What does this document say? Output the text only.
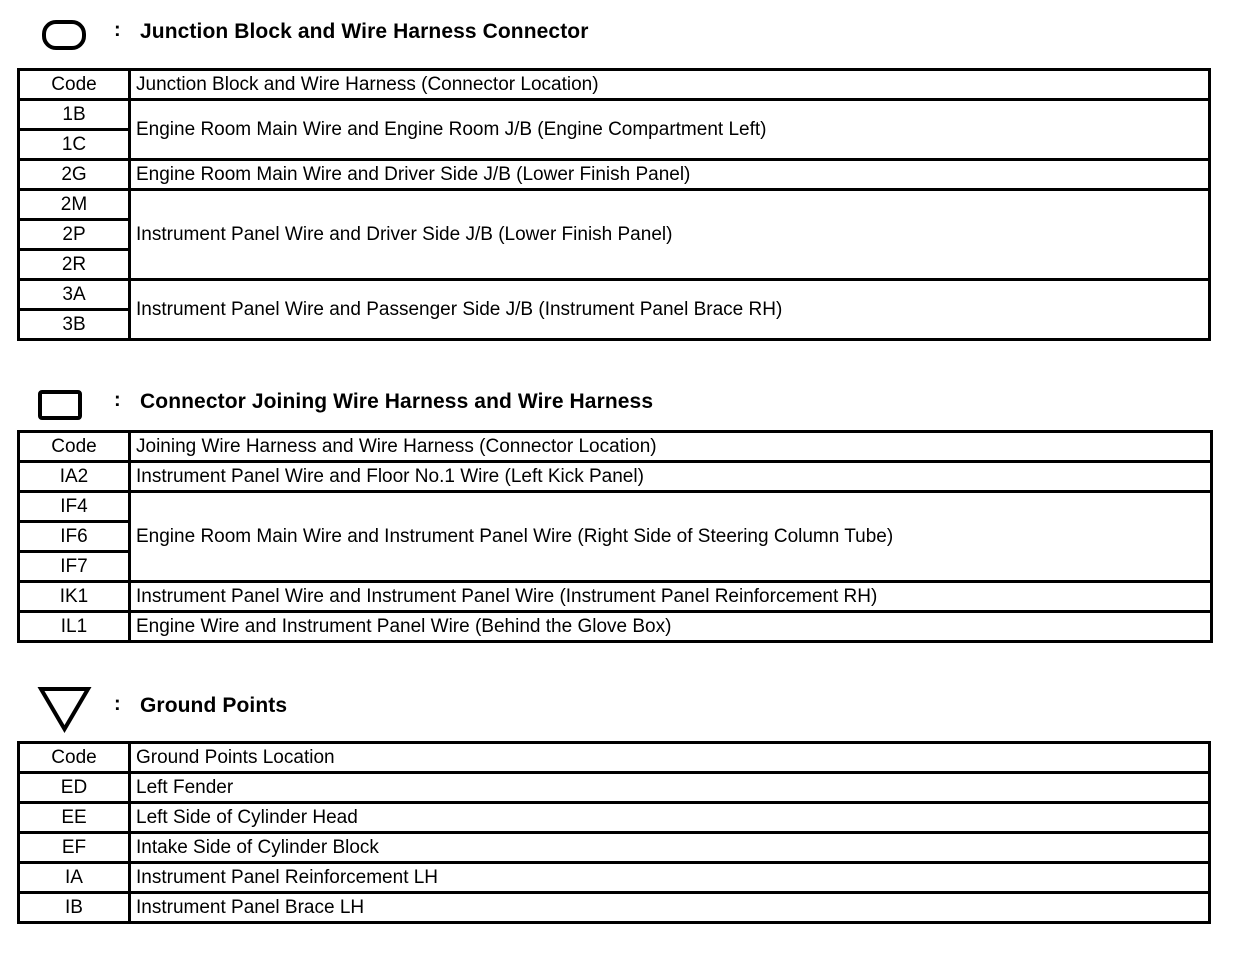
: Junction Block and Wire Harness Connector
Code	Junction Block and Wire Harness (Connector Location)
1B	Engine Room Main Wire and Engine Room J/B (Engine Compartment Left)
1C	
2G	Engine Room Main Wire and Driver Side J/B (Lower Finish Panel)
2M	Instrument Panel Wire and Driver Side J/B (Lower Finish Panel)
2P	
2R	
3A	Instrument Panel Wire and Passenger Side J/B (Instrument Panel Brace RH)
3B	
: Connector Joining Wire Harness and Wire Harness
Code	Joining Wire Harness and Wire Harness (Connector Location)
IA2	Instrument Panel Wire and Floor No.1 Wire (Left Kick Panel)
IF4	Engine Room Main Wire and Instrument Panel Wire (Right Side of Steering Column Tube)
IF6	
IF7	
IK1	Instrument Panel Wire and Instrument Panel Wire (Instrument Panel Reinforcement RH)
IL1	Engine Wire and Instrument Panel Wire (Behind the Glove Box)
: Ground Points
Code	Ground Points Location
ED	Left Fender
EE	Left Side of Cylinder Head
EF	Intake Side of Cylinder Block
IA	Instrument Panel Reinforcement LH
IB	Instrument Panel Brace LH
